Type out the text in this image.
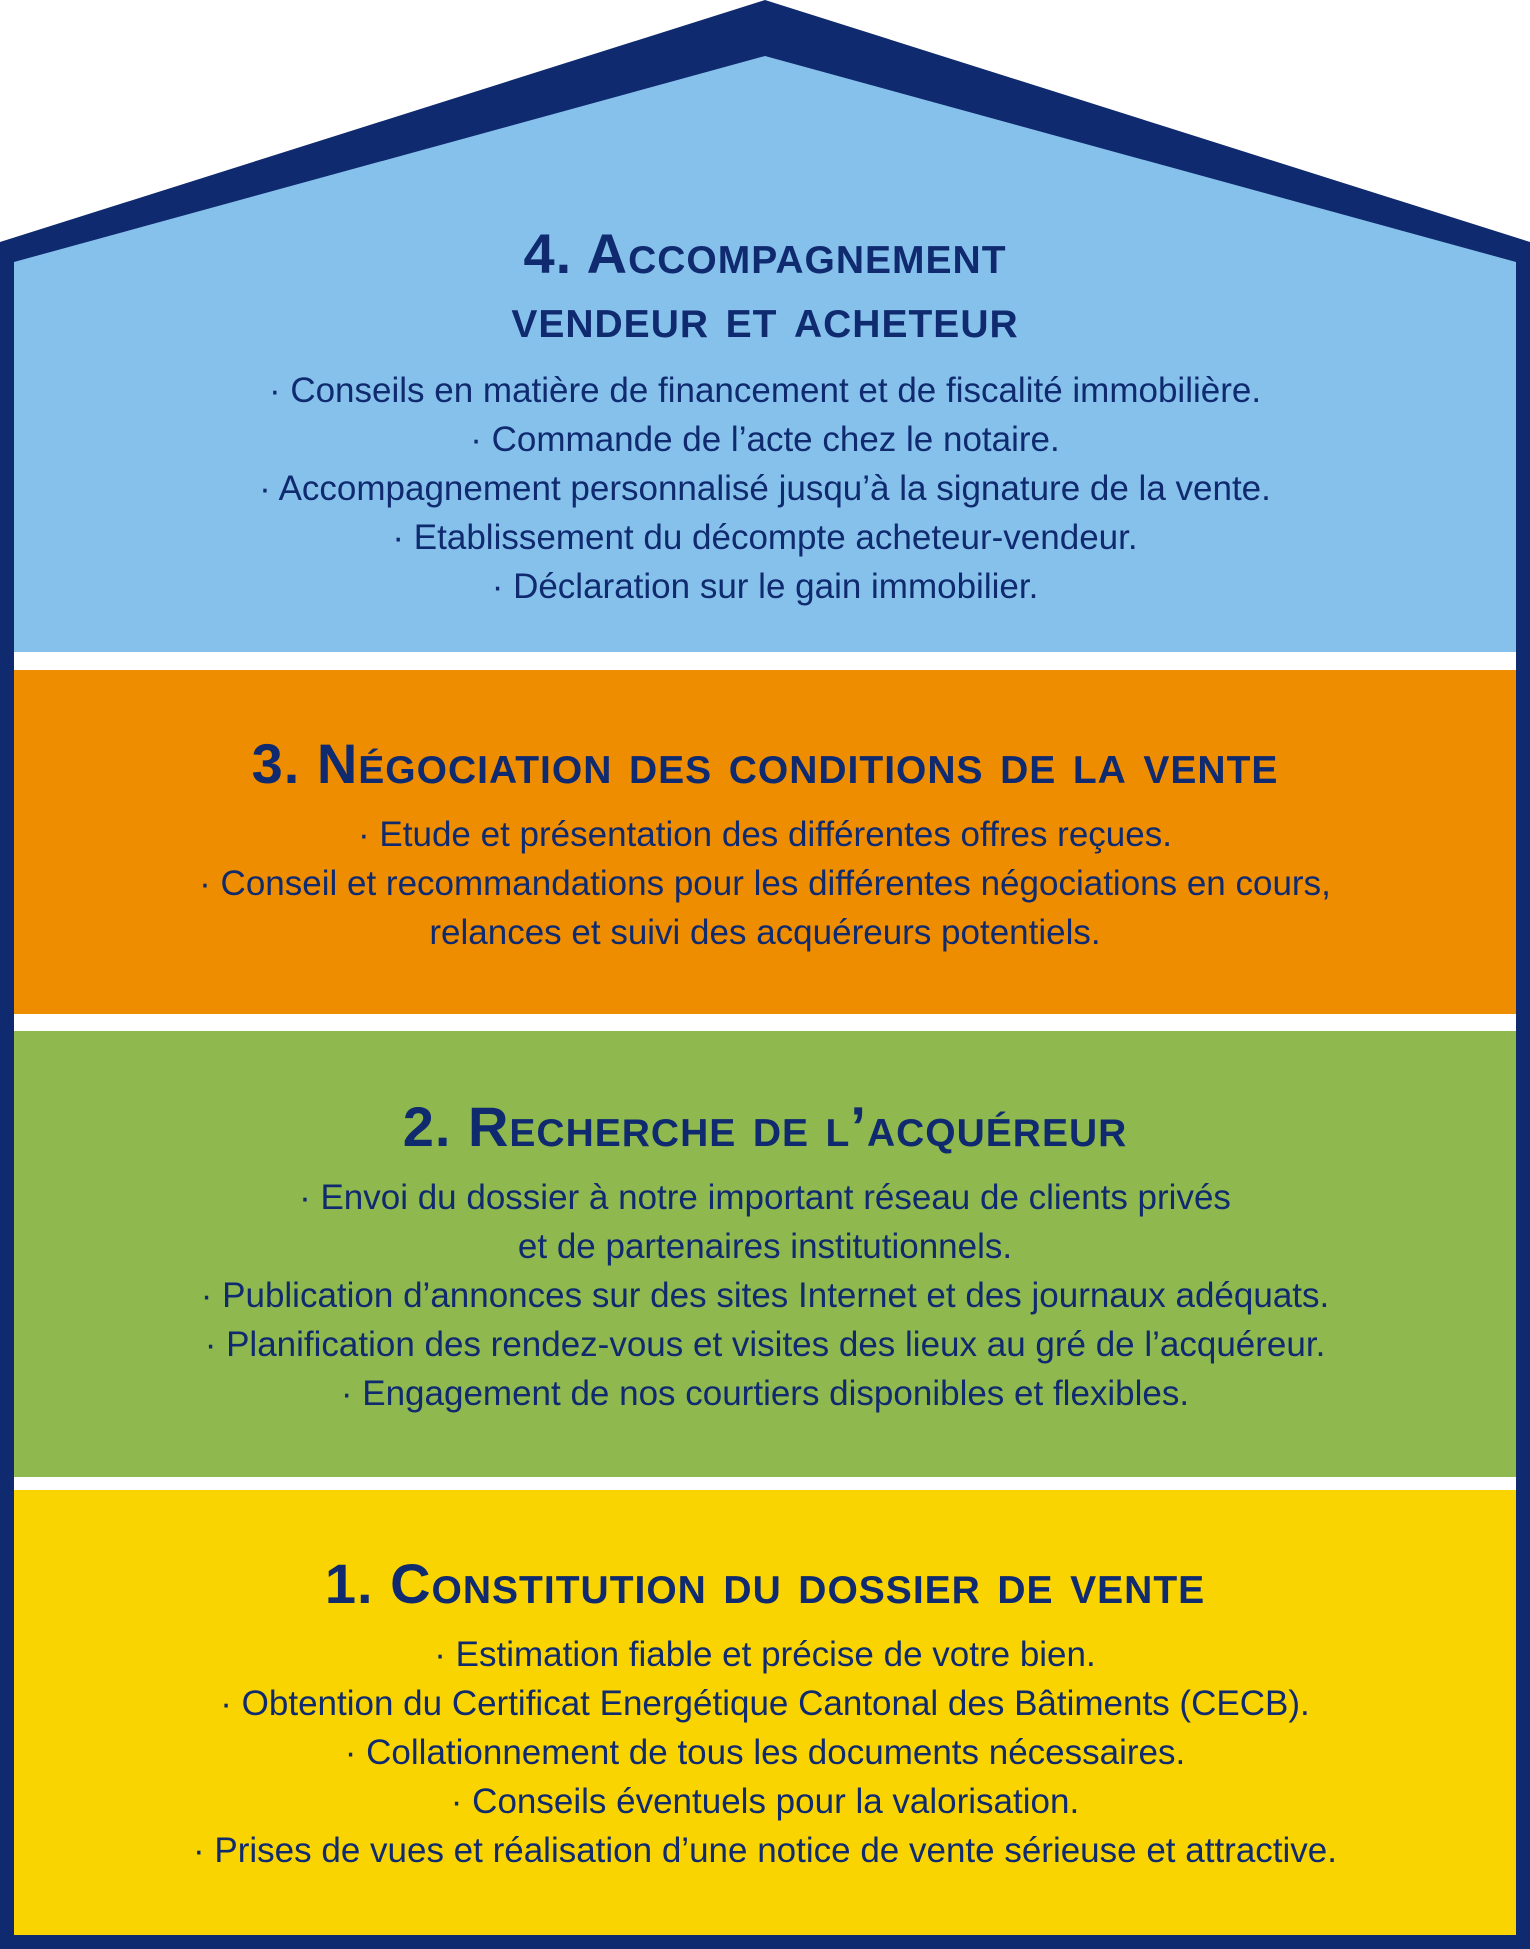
4. Accompagnement
vendeur et acheteur
· Conseils en matière de financement et de fiscalité immobilière.
· Commande de l’acte chez le notaire.
· Accompagnement personnalisé jusqu’à la signature de la vente.
· Etablissement du décompte acheteur-vendeur.
· Déclaration sur le gain immobilier.
3. Négociation des conditions de la vente
· Etude et présentation des différentes offres reçues.
· Conseil et recommandations pour les différentes négociations en cours,
relances et suivi des acquéreurs potentiels.
2. Recherche de l’acquéreur
· Envoi du dossier à notre important réseau de clients privés
et de partenaires institutionnels.
· Publication d’annonces sur des sites Internet et des journaux adéquats.
· Planification des rendez-vous et visites des lieux au gré de l’acquéreur.
· Engagement de nos courtiers disponibles et flexibles.
1. Constitution du dossier de vente
· Estimation fiable et précise de votre bien.
· Obtention du Certificat Energétique Cantonal des Bâtiments (CECB).
· Collationnement de tous les documents nécessaires.
· Conseils éventuels pour la valorisation.
· Prises de vues et réalisation d’une notice de vente sérieuse et attractive.
